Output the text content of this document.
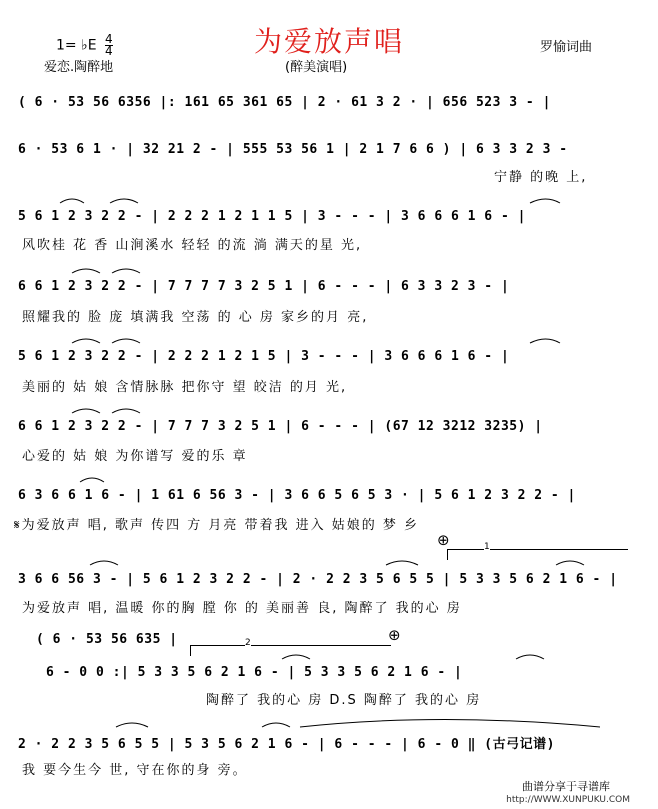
为爱放声唱
1= ♭E $\frac{4}{4}$	罗愉词曲
爱恋.陶醉地	(醉美演唱)
( 6 · 53 56 6356 |: 161 65 361 65 | 2 · 61 3 2 · | 656 523 3 - |
6 · 53 6 1 · | 32 21 2 - | 555 53 56 1 | 2 1 7 6 6 ) | 6 3 3 2 3 -
宁静 的晚 上,
5 6 1 2 3 2 2 - | 2 2 2 1 2 1 1 5 | 3 - - - | 3 6 6 6 1 6 - |
风吹桂 花 香 山涧溪水 轻轻 的流 淌 满天的星 光,
6 6 1 2 3 2 2 - | 7 7 7 7 3 2 5 1 | 6 - - - | 6 3 3 2 3 - |
照耀我的 脸 庞 填满我 空荡 的 心 房 家乡的月 亮,
5 6 1 2 3 2 2 - | 2 2 2 1 2 1 5 | 3 - - - | 3 6 6 6 1 6 - |
美丽的 姑 娘 含情脉脉 把你守 望 皎洁 的月 光,
6 6 1 2 3 2 2 - | 7 7 7 3 2 5 1 | 6 - - - | (67 12 3212 3235) |
心爱的 姑 娘 为你谱写 爱的乐 章
6 3 6 6 1 6 - | 1 61 6 56 3 - | 3 6 6 5 6 5 3 · | 5 6 1 2 3 2 2 - |
𝄋为爱放声 唱, 歌声 传四 方 月亮 带着我 进入 姑娘的 梦 乡
⊕	1
3 6 6 56 3 - | 5 6 1 2 3 2 2 - | 2 · 2 2 3 5 6 5 5 | 5 3 3 5 6 2 1 6 - |
为爱放声 唱, 温暖 你的胸 膛 你 的 美丽善 良, 陶醉了 我的心 房
( 6 · 53 56 635 |	2	⊕
6 - 0 0 :| 5 3 3 5 6 2 1 6 - | 5 3 3 5 6 2 1 6 - |
陶醉了 我的心 房 D.S 陶醉了 我的心 房
2 · 2 2 3 5 6 5 5 | 5 3 5 6 2 1 6 - | 6 - - - | 6 - 0 ‖ (古弓记谱)
我 要今生今 世, 守在你的身 旁。
曲谱分享于寻谱库
http://WWW.XUNPUKU.COM
